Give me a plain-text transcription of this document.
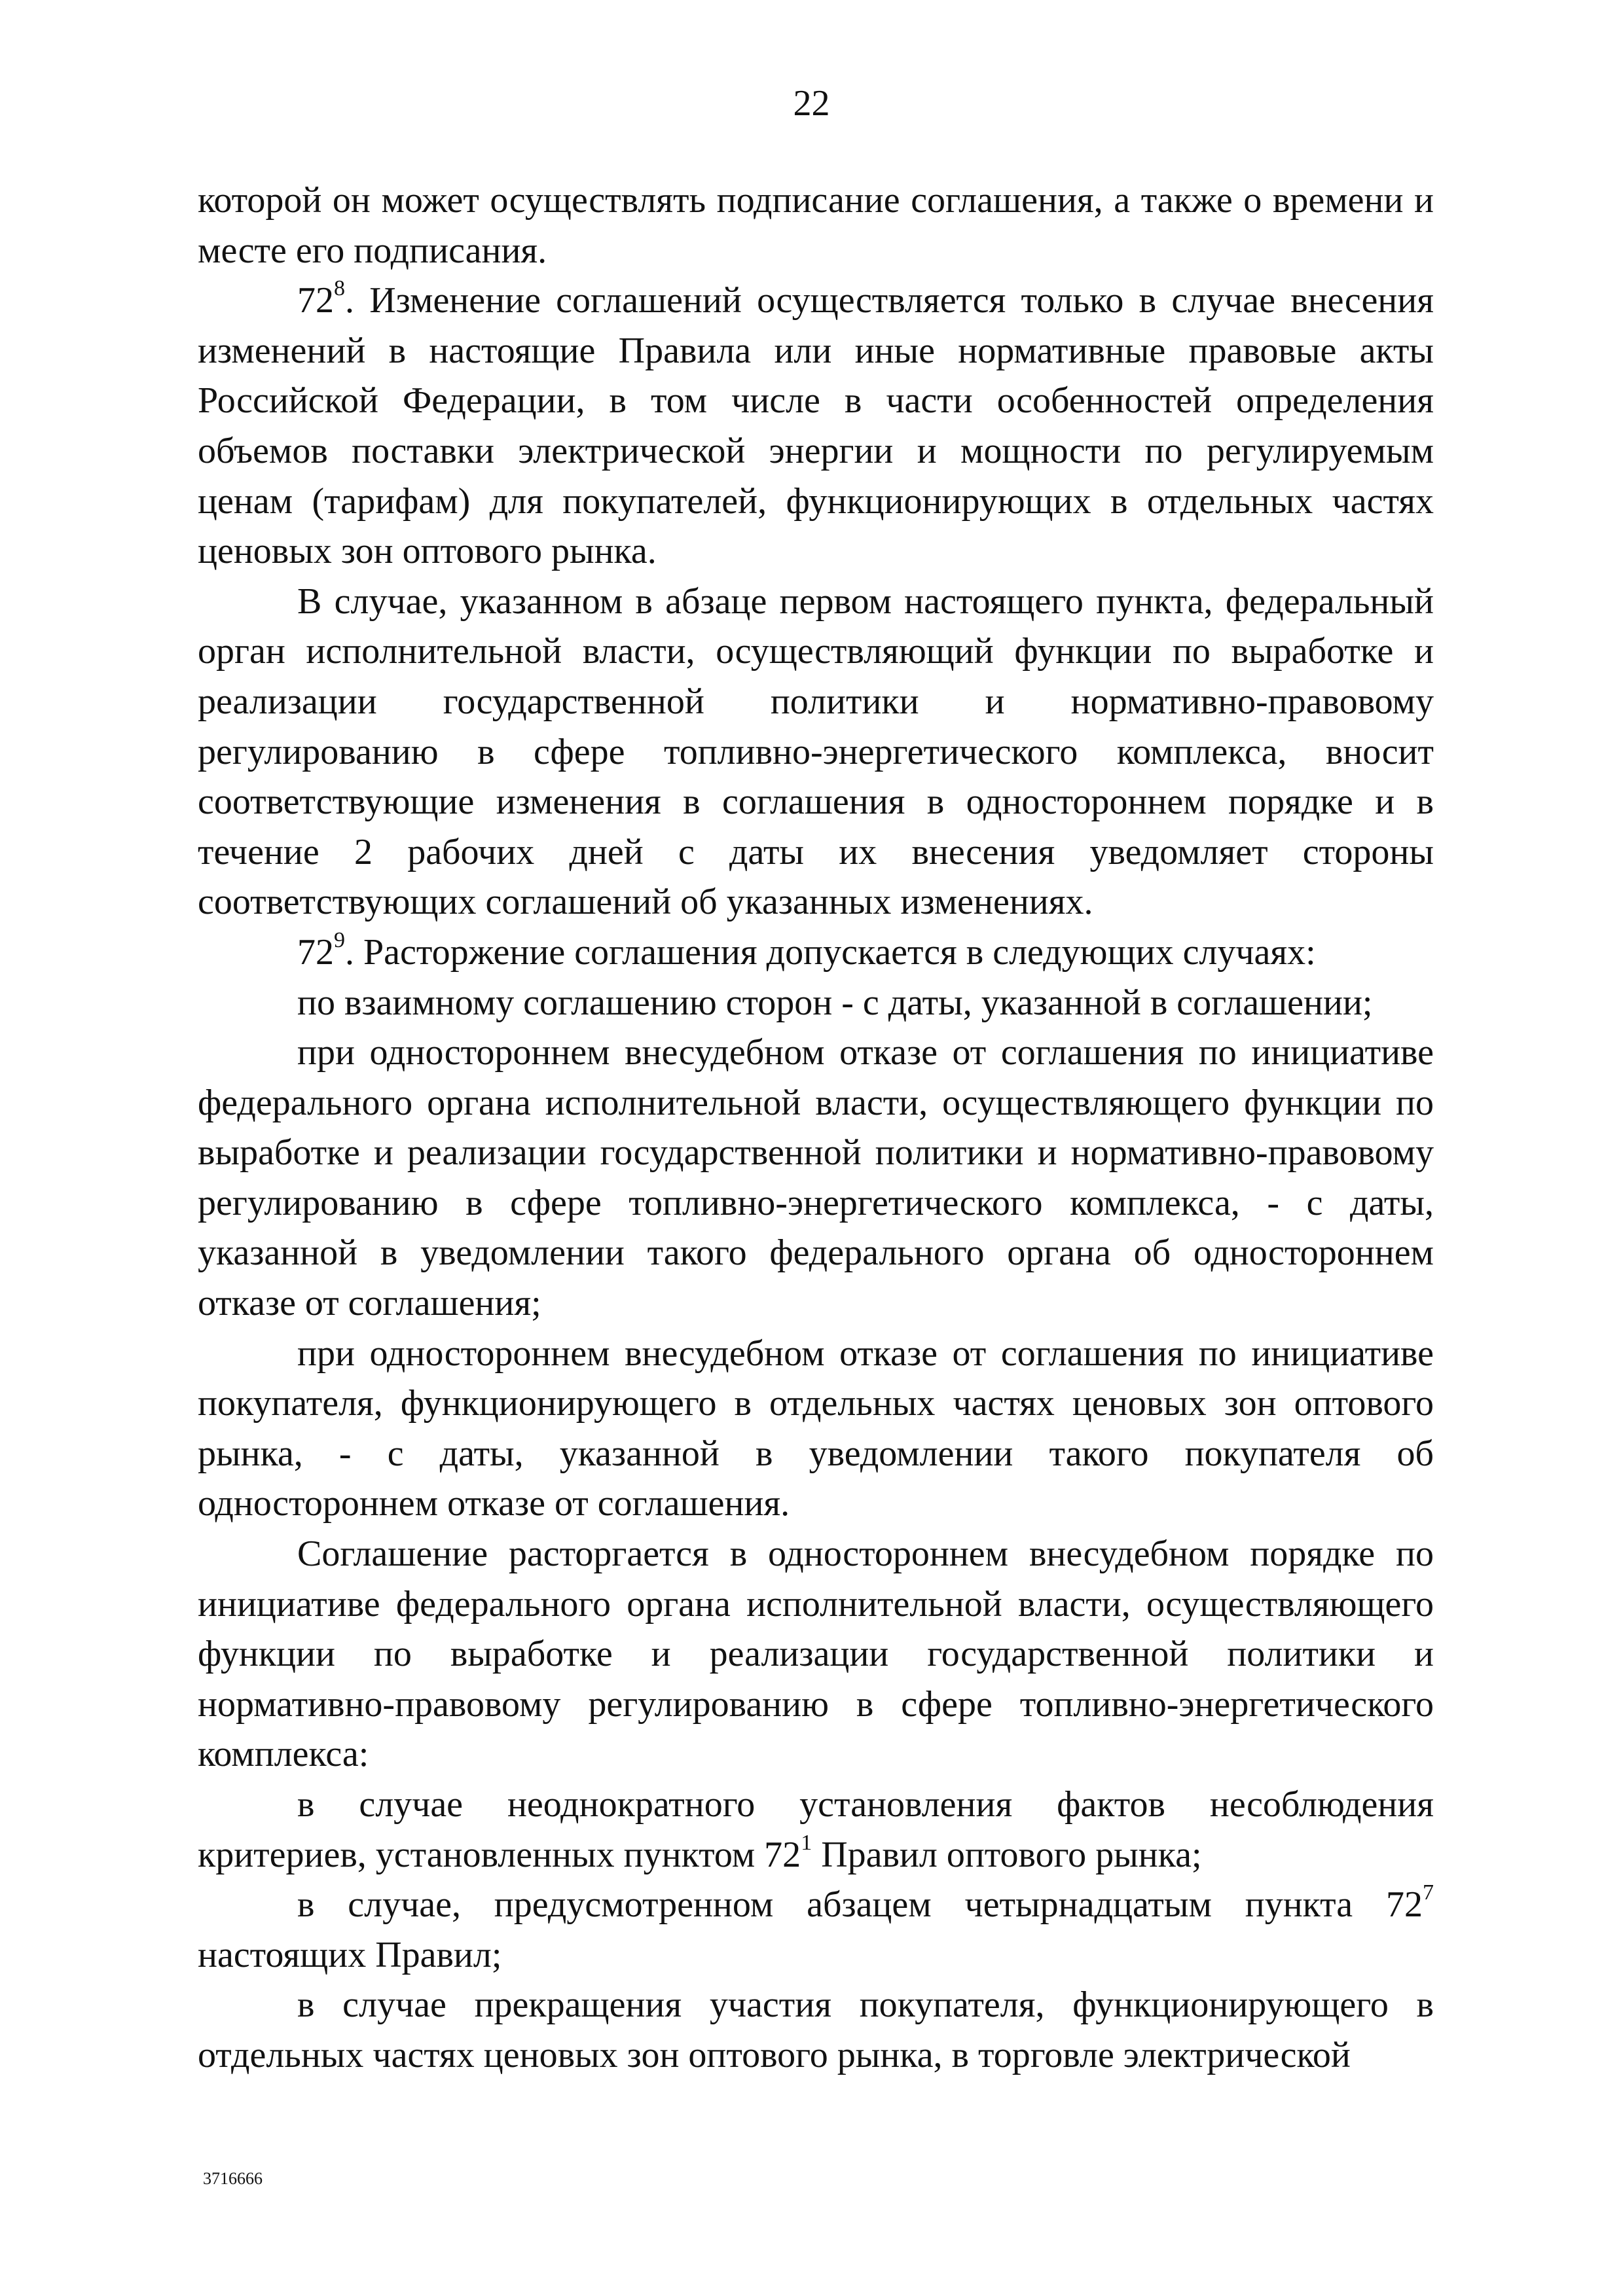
22

которой он может осуществлять подписание соглашения, а также о времени и месте его подписания.

$72^8$. Изменение соглашений осуществляется только в случае внесения изменений в настоящие Правила или иные нормативные правовые акты Российской Федерации, в том числе в части особенностей определения объемов поставки электрической энергии и мощности по регулируемым ценам (тарифам) для покупателей, функционирующих в отдельных частях ценовых зон оптового рынка.

В случае, указанном в абзаце первом настоящего пункта, федеральный орган исполнительной власти, осуществляющий функции по выработке и реализации государственной политики и нормативно-правовому регулированию в сфере топливно-энергетического комплекса, вносит соответствующие изменения в соглашения в одностороннем порядке и в течение 2 рабочих дней с даты их внесения уведомляет стороны соответствующих соглашений об указанных изменениях.

$72^9$. Расторжение соглашения допускается в следующих случаях:

по взаимному соглашению сторон - с даты, указанной в соглашении;

при одностороннем внесудебном отказе от соглашения по инициативе федерального органа исполнительной власти, осуществляющего функции по выработке и реализации государственной политики и нормативно-правовому регулированию в сфере топливно-энергетического комплекса, - с даты, указанной в уведомлении такого федерального органа об одностороннем отказе от соглашения;

при одностороннем внесудебном отказе от соглашения по инициативе покупателя, функционирующего в отдельных частях ценовых зон оптового рынка, - с даты, указанной в уведомлении такого покупателя об одностороннем отказе от соглашения.

Соглашение расторгается в одностороннем внесудебном порядке по инициативе федерального органа исполнительной власти, осуществляющего функции по выработке и реализации государственной политики и нормативно-правовому регулированию в сфере топливно-энергетического комплекса:

в случае неоднократного установления фактов несоблюдения критериев, установленных пунктом $72^1$ Правил оптового рынка;

в случае, предусмотренном абзацем четырнадцатым пункта $72^7$ настоящих Правил;

в случае прекращения участия покупателя, функционирующего в отдельных частях ценовых зон оптового рынка, в торговле электрической

3716666
